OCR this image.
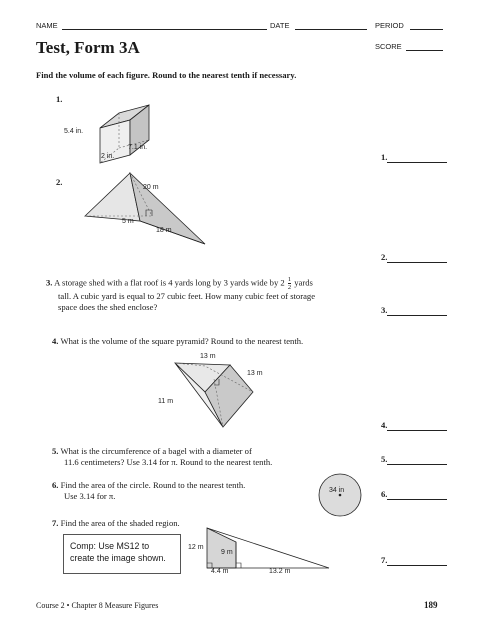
NAME	DATE	PERIOD
Test, Form 3A	SCORE
Find the volume of each figure. Round to the nearest tenth if necessary.
1.
5.4 in.
2 in.
7.1 in.
2.
20 m
5 m
18 m
3. A storage shed with a flat roof is 4 yards long by 3 yards wide by $2 \frac{1}{2}$ yards
tall. A cubic yard is equal to 27 cubic feet. How many cubic feet of storage
space does the shed enclose?
4. What is the volume of the square pyramid? Round to the nearest tenth.
13 m
13 m
11 m
5. What is the circumference of a bagel with a diameter of
11.6 centimeters? Use 3.14 for π. Round to the nearest tenth.
6. Find the area of the circle. Round to the nearest tenth.
Use 3.14 for π.
34 in
7. Find the area of the shaded region.
Comp: Use MS12 to
create the image shown.
12 m
9 m
4.4 m	13.2 m
1.
2.
3.
4.
5.
6.
7.
Course 2 • Chapter 8 Measure Figures	189
